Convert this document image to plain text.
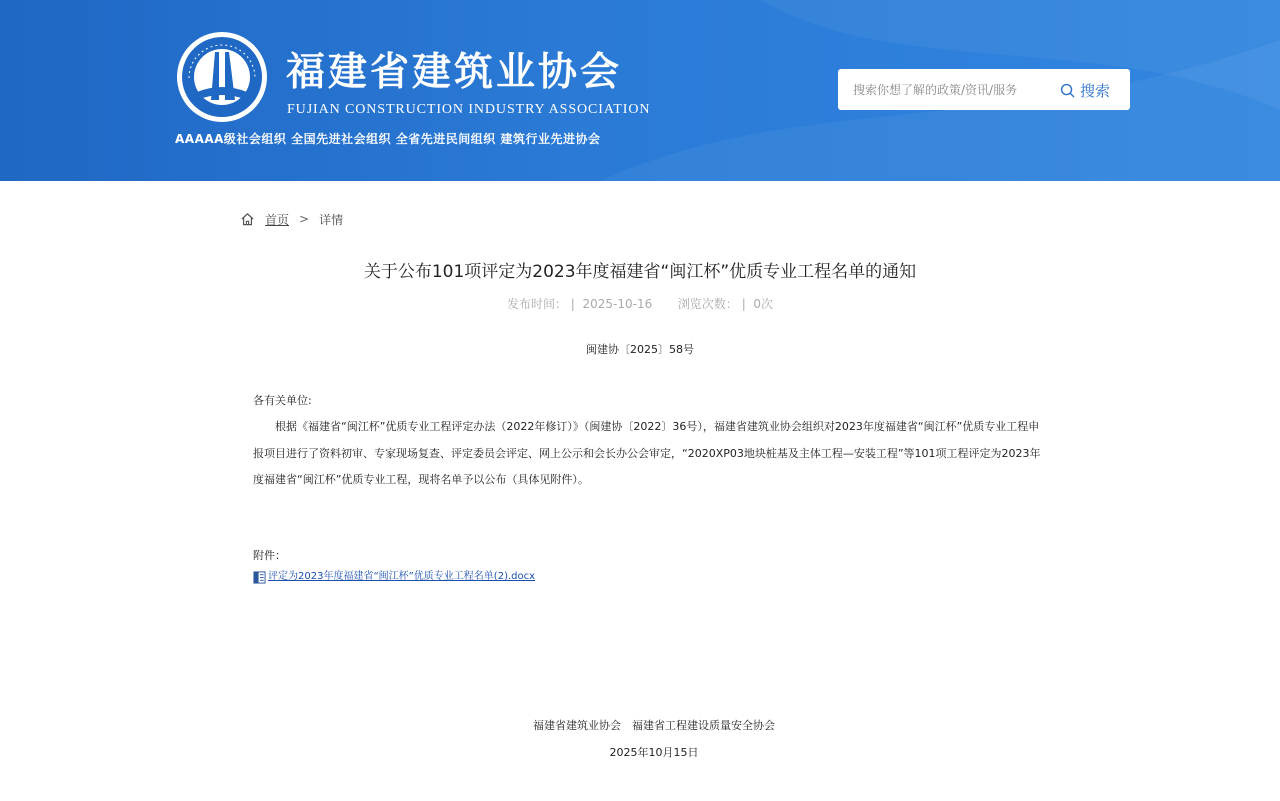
福建省建筑业协会
FUJIAN CONSTRUCTION INDUSTRY ASSOCIATION
AAAAA级社会组织 全国先进社会组织 全省先进民间组织 建筑行业先进协会
搜索你想了解的政策/资讯/服务
搜索
首页 > 详情
关于公布101项评定为2023年度福建省“闽江杯”优质专业工程名单的通知
发布时间： | 2025-10-16 浏览次数： | 0次
闽建协〔2025〕58号
各有关单位:
根据《福建省“闽江杯”优质专业工程评定办法（2022年修订）》（闽建协〔2022〕36号），福建省建筑业协会组织对2023年度福建省“闽江杯”优质专业工程申报项目进行了资料初审、专家现场复查、评定委员会评定、网上公示和会长办公会审定，“2020XP03地块桩基及主体工程—安装工程”等101项工程评定为2023年度福建省“闽江杯”优质专业工程，现将名单予以公布（具体见附件）。
附件：
评定为2023年度福建省“闽江杯”优质专业工程名单(2).docx
福建省建筑业协会　福建省工程建设质量安全协会
2025年10月15日
